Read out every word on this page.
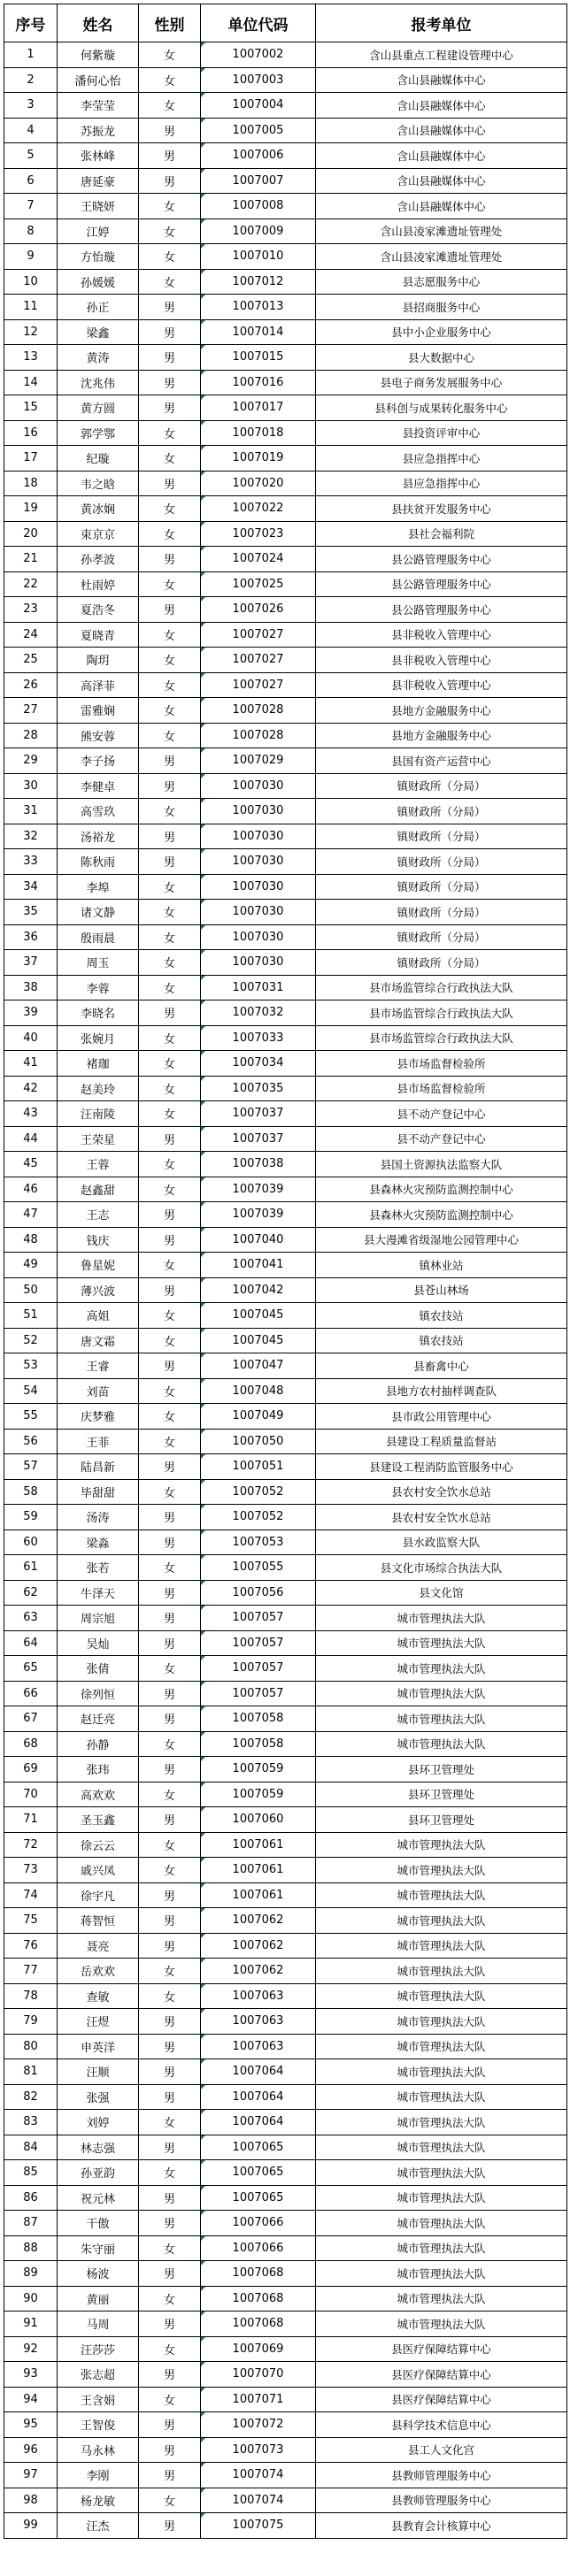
序号	姓名	性别	单位代码	报考单位
1	何紫璇	女	1007002	含山县重点工程建设管理中心
2	潘何心怡	女	1007003	含山县融媒体中心
3	李莹莹	女	1007004	含山县融媒体中心
4	苏振龙	男	1007005	含山县融媒体中心
5	张林峰	男	1007006	含山县融媒体中心
6	唐延豪	男	1007007	含山县融媒体中心
7	王晓妍	女	1007008	含山县融媒体中心
8	江婷	女	1007009	含山县凌家滩遗址管理处
9	方怡璇	女	1007010	含山县凌家滩遗址管理处
10	孙媛媛	女	1007012	县志愿服务中心
11	孙正	男	1007013	县招商服务中心
12	梁鑫	男	1007014	县中小企业服务中心
13	黄涛	男	1007015	县大数据中心
14	沈兆伟	男	1007016	县电子商务发展服务中心
15	黄方圆	男	1007017	县科创与成果转化服务中心
16	郭学鄂	女	1007018	县投资评审中心
17	纪璇	女	1007019	县应急指挥中心
18	韦之晗	男	1007020	县应急指挥中心
19	黄冰娴	女	1007022	县扶贫开发服务中心
20	束京京	女	1007023	县社会福利院
21	孙孝波	男	1007024	县公路管理服务中心
22	杜雨婷	女	1007025	县公路管理服务中心
23	夏浩冬	男	1007026	县公路管理服务中心
24	夏晓青	女	1007027	县非税收入管理中心
25	陶玥	女	1007027	县非税收入管理中心
26	高泽菲	女	1007027	县非税收入管理中心
27	雷雅娴	女	1007028	县地方金融服务中心
28	熊安蓉	女	1007028	县地方金融服务中心
29	李子扬	男	1007029	县国有资产运营中心
30	李健卓	男	1007030	镇财政所（分局）
31	高雪玖	女	1007030	镇财政所（分局）
32	汤裕龙	男	1007030	镇财政所（分局）
33	陈秋雨	男	1007030	镇财政所（分局）
34	李埠	女	1007030	镇财政所（分局）
35	诸文静	女	1007030	镇财政所（分局）
36	殷雨晨	女	1007030	镇财政所（分局）
37	周玉	女	1007030	镇财政所（分局）
38	李蓉	女	1007031	县市场监管综合行政执法大队
39	李晓名	男	1007032	县市场监管综合行政执法大队
40	张婉月	女	1007033	县市场监管综合行政执法大队
41	褚珈	女	1007034	县市场监督检验所
42	赵美玲	女	1007035	县市场监督检验所
43	汪南陵	女	1007037	县不动产登记中心
44	王荣星	男	1007037	县不动产登记中心
45	王蓉	女	1007038	县国土资源执法监察大队
46	赵鑫甜	女	1007039	县森林火灾预防监测控制中心
47	王志	男	1007039	县森林火灾预防监测控制中心
48	钱庆	男	1007040	县大漫滩省级湿地公园管理中心
49	鲁星妮	女	1007041	镇林业站
50	薄兴波	男	1007042	县苍山林场
51	高姐	女	1007045	镇农技站
52	唐文霜	女	1007045	镇农技站
53	王睿	男	1007047	县畜禽中心
54	刘苗	女	1007048	县地方农村抽样调查队
55	庆梦雅	女	1007049	县市政公用管理中心
56	王菲	女	1007050	县建设工程质量监督站
57	陆昌新	男	1007051	县建设工程消防监管服务中心
58	毕甜甜	女	1007052	县农村安全饮水总站
59	汤涛	男	1007052	县农村安全饮水总站
60	梁淼	男	1007053	县水政监察大队
61	张若	女	1007055	县文化市场综合执法大队
62	牛泽天	男	1007056	县文化馆
63	周宗旭	男	1007057	城市管理执法大队
64	吴灿	男	1007057	城市管理执法大队
65	张倩	女	1007057	城市管理执法大队
66	徐列恒	男	1007057	城市管理执法大队
67	赵迁亮	男	1007058	城市管理执法大队
68	孙静	女	1007058	城市管理执法大队
69	张玮	男	1007059	县环卫管理处
70	高欢欢	女	1007059	县环卫管理处
71	圣玉鑫	男	1007060	县环卫管理处
72	徐云云	女	1007061	城市管理执法大队
73	戚兴凤	女	1007061	城市管理执法大队
74	徐宇凡	男	1007061	城市管理执法大队
75	蒋智恒	男	1007062	城市管理执法大队
76	聂亮	男	1007062	城市管理执法大队
77	岳欢欢	女	1007062	城市管理执法大队
78	查敏	女	1007063	城市管理执法大队
79	汪煜	男	1007063	城市管理执法大队
80	申英洋	男	1007063	城市管理执法大队
81	汪顺	男	1007064	城市管理执法大队
82	张强	男	1007064	城市管理执法大队
83	刘婷	女	1007064	城市管理执法大队
84	林志强	男	1007065	城市管理执法大队
85	孙亚韵	女	1007065	城市管理执法大队
86	祝元林	男	1007065	城市管理执法大队
87	干傲	男	1007066	城市管理执法大队
88	朱守丽	女	1007066	城市管理执法大队
89	杨波	男	1007068	城市管理执法大队
90	黄丽	女	1007068	城市管理执法大队
91	马周	男	1007068	城市管理执法大队
92	汪莎莎	女	1007069	县医疗保障结算中心
93	张志超	男	1007070	县医疗保障结算中心
94	王含娟	女	1007071	县医疗保障结算中心
95	王智俊	男	1007072	县科学技术信息中心
96	马永林	男	1007073	县工人文化宫
97	李刚	男	1007074	县教师管理服务中心
98	杨龙敏	女	1007074	县教师管理服务中心
99	汪杰	男	1007075	县教育会计核算中心
